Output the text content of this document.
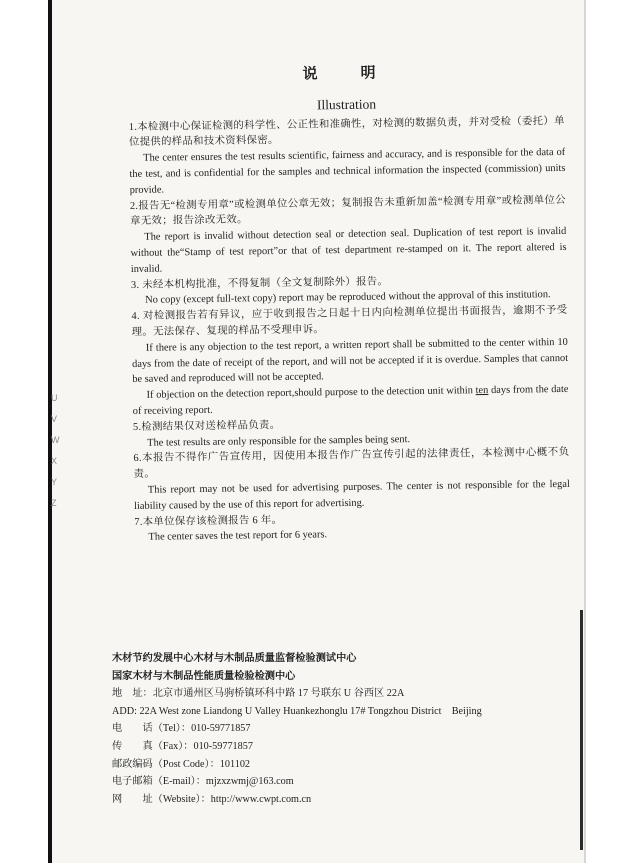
U
V
W
X
Y
Z
说　明
Illustration

1.本检测中心保证检测的科学性、公正性和准确性，对检测的数据负责，并对受检（委托）单位提供的样品和技术资料保密。

The center ensures the test results scientific, fairness and accuracy, and is responsible for the data of the test, and is confidential for the samples and technical information the inspected (commission) units provide.

2.报告无“检测专用章”或检测单位公章无效；复制报告未重新加盖“检测专用章”或检测单位公章无效；报告涂改无效。

The report is invalid without detection seal or detection seal. Duplication of test report is invalid without the“Stamp of test report”or that of test department re-stamped on it. The report altered is invalid.

3. 未经本机构批准，不得复制（全文复制除外）报告。

No copy (except full-text copy) report may be reproduced without the approval of this institution.

4. 对检测报告若有异议，应于收到报告之日起十日内向检测单位提出书面报告，逾期不予受理。无法保存、复现的样品不受理申诉。

If there is any objection to the test report, a written report shall be submitted to the center within 10 days from the date of receipt of the report, and will not be accepted if it is overdue. Samples that cannot be saved and reproduced will not be accepted.

If objection on the detection report,should purpose to the detection unit within ten days from the date of receiving report.

5.检测结果仅对送检样品负责。

The test results are only responsible for the samples being sent.

6.本报告不得作广告宣传用，因使用本报告作广告宣传引起的法律责任，本检测中心概不负责。

This report may not be used for advertising purposes. The center is not responsible for the legal liability caused by the use of this report for advertising.

7.本单位保存该检测报告 6 年。

The center saves the test report for 6 years.

木材节约发展中心木材与木制品质量监督检验测试中心
国家木材与木制品性能质量检验检测中心
地　址：北京市通州区马驹桥镇环科中路 17 号联东 U 谷西区 22A
ADD: 22A West zone Liandong U Valley Huankezhonglu 17# Tongzhou District　Beijing
电　　话（Tel）：010-59771857
传　　真（Fax）：010-59771857
邮政编码（Post Code）：101102
电子邮箱（E-mail）：mjzxzwmj@163.com
网　　址（Website）：http://www.cwpt.com.cn
